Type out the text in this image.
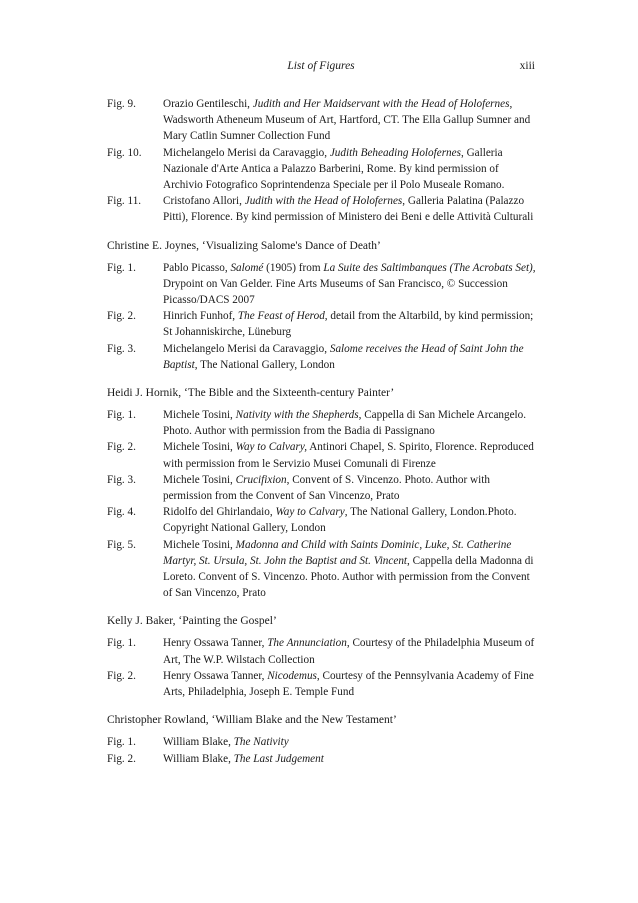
List of Figures	xiii
Fig. 9.	Orazio Gentileschi, Judith and Her Maidservant with the Head of Holofernes, Wadsworth Atheneum Museum of Art, Hartford, CT. The Ella Gallup Sumner and Mary Catlin Sumner Collection Fund
Fig. 10.	Michelangelo Merisi da Caravaggio, Judith Beheading Holofernes, Galleria Nazionale d'Arte Antica a Palazzo Barberini, Rome. By kind permission of Archivio Fotografico Soprintendenza Speciale per il Polo Museale Romano.
Fig. 11.	Cristofano Allori, Judith with the Head of Holofernes, Galleria Palatina (Palazzo Pitti), Florence. By kind permission of Ministero dei Beni e delle Attività Culturali
Christine E. Joynes, ‘Visualizing Salome's Dance of Death’
Fig. 1.	Pablo Picasso, Salomé (1905) from La Suite des Saltimbanques (The Acrobats Set), Drypoint on Van Gelder. Fine Arts Museums of San Francisco, © Succession Picasso/DACS 2007
Fig. 2.	Hinrich Funhof, The Feast of Herod, detail from the Altarbild, by kind permission; St Johanniskirche, Lüneburg
Fig. 3.	Michelangelo Merisi da Caravaggio, Salome receives the Head of Saint John the Baptist, The National Gallery, London
Heidi J. Hornik, ‘The Bible and the Sixteenth-century Painter’
Fig. 1.	Michele Tosini, Nativity with the Shepherds, Cappella di San Michele Arcangelo. Photo. Author with permission from the Badia di Passignano
Fig. 2.	Michele Tosini, Way to Calvary, Antinori Chapel, S. Spirito, Florence. Reproduced with permission from le Servizio Musei Comunali di Firenze
Fig. 3.	Michele Tosini, Crucifixion, Convent of S. Vincenzo. Photo. Author with permission from the Convent of San Vincenzo, Prato
Fig. 4.	Ridolfo del Ghirlandaio, Way to Calvary, The National Gallery, London.Photo. Copyright National Gallery, London
Fig. 5.	Michele Tosini, Madonna and Child with Saints Dominic, Luke, St. Catherine Martyr, St. Ursula, St. John the Baptist and St. Vincent, Cappella della Madonna di Loreto. Convent of S. Vincenzo. Photo. Author with permission from the Convent of San Vincenzo, Prato
Kelly J. Baker, ‘Painting the Gospel’
Fig. 1.	Henry Ossawa Tanner, The Annunciation, Courtesy of the Philadelphia Museum of Art, The W.P. Wilstach Collection
Fig. 2.	Henry Ossawa Tanner, Nicodemus, Courtesy of the Pennsylvania Academy of Fine Arts, Philadelphia, Joseph E. Temple Fund
Christopher Rowland, ‘William Blake and the New Testament’
Fig. 1.	William Blake, The Nativity
Fig. 2.	William Blake, The Last Judgement
